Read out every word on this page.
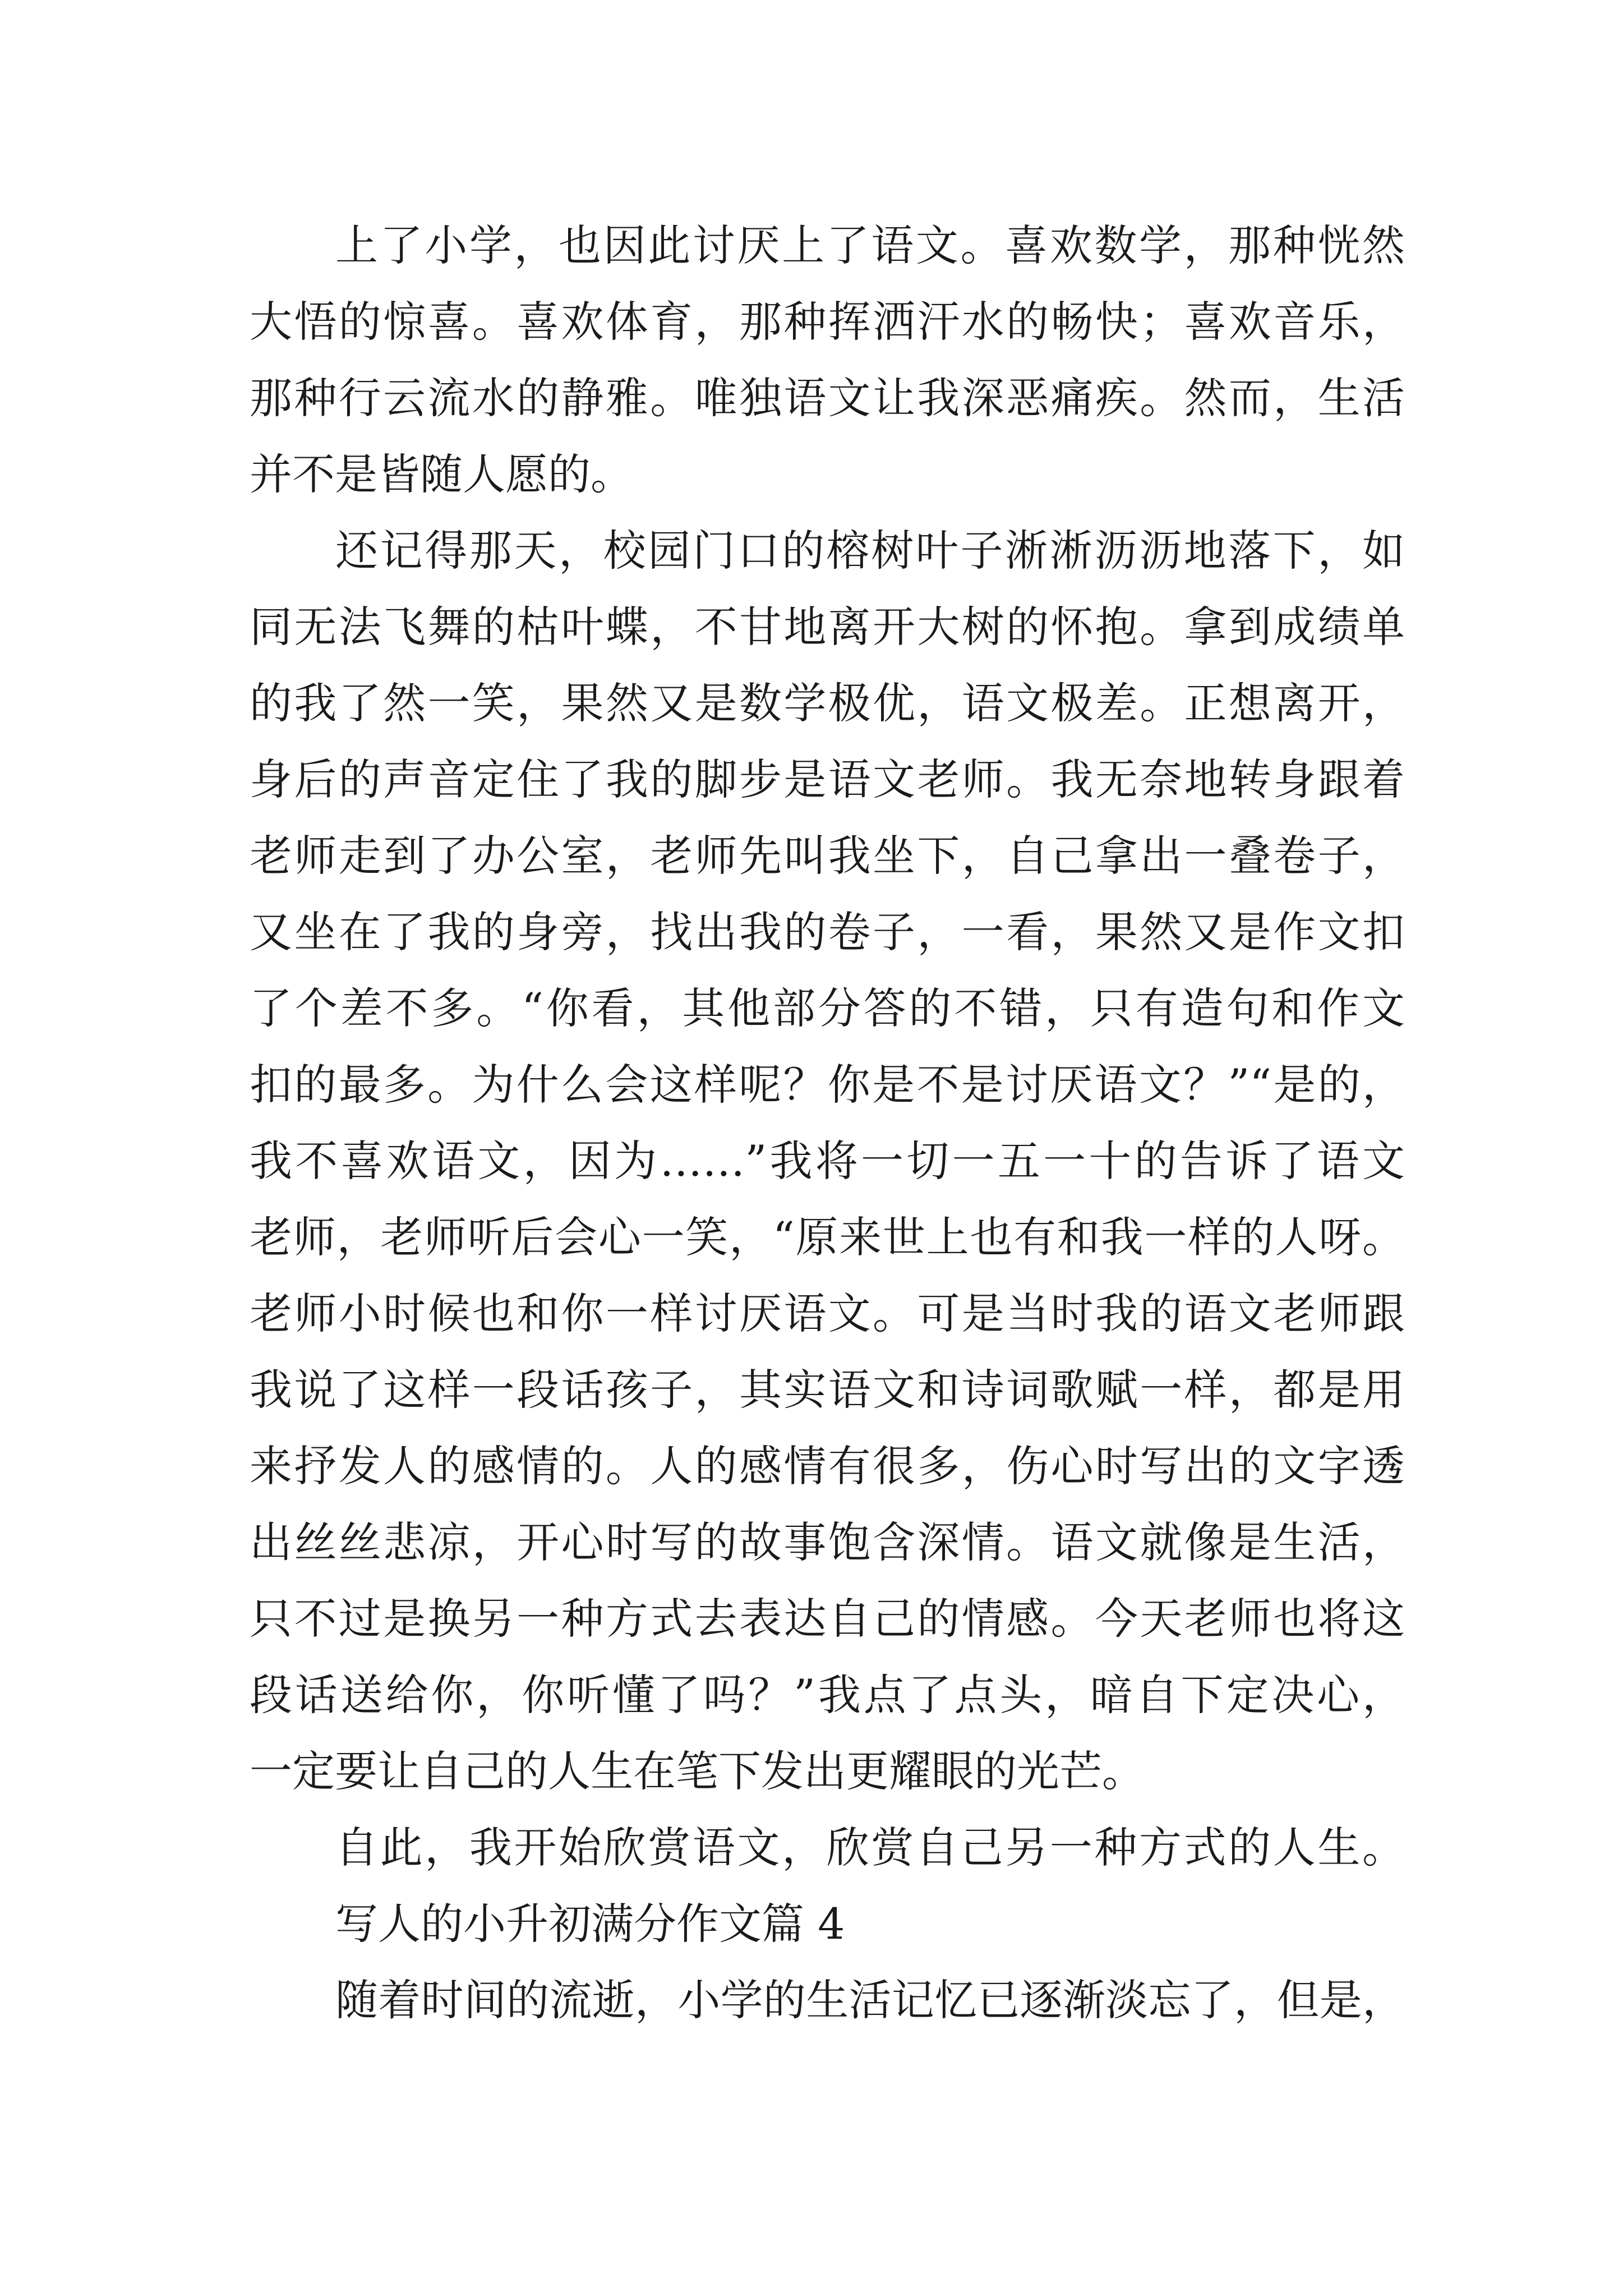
上了小学，也因此讨厌上了语文。喜欢数学，那种恍然
大悟的惊喜。喜欢体育，那种挥洒汗水的畅快；喜欢音乐，
那种行云流水的静雅。唯独语文让我深恶痛疾。然而，生活
并不是皆随人愿的。
还记得那天，校园门口的榕树叶子淅淅沥沥地落下，如
同无法飞舞的枯叶蝶，不甘地离开大树的怀抱。拿到成绩单
的我了然一笑，果然又是数学极优，语文极差。正想离开，
身后的声音定住了我的脚步是语文老师。我无奈地转身跟着
老师走到了办公室，老师先叫我坐下，自己拿出一叠卷子，
又坐在了我的身旁，找出我的卷子，一看，果然又是作文扣
了个差不多。“你看，其他部分答的不错，只有造句和作文
扣的最多。为什么会这样呢？你是不是讨厌语文？”“是的，
我不喜欢语文，因为……”我将一切一五一十的告诉了语文
老师，老师听后会心一笑，“原来世上也有和我一样的人呀。
老师小时候也和你一样讨厌语文。可是当时我的语文老师跟
我说了这样一段话孩子，其实语文和诗词歌赋一样，都是用
来抒发人的感情的。人的感情有很多，伤心时写出的文字透
出丝丝悲凉，开心时写的故事饱含深情。语文就像是生活，
只不过是换另一种方式去表达自己的情感。今天老师也将这
段话送给你，你听懂了吗？”我点了点头，暗自下定决心，
一定要让自己的人生在笔下发出更耀眼的光芒。
自此，我开始欣赏语文，欣赏自己另一种方式的人生。
写人的小升初满分作文篇 4
随着时间的流逝，小学的生活记忆已逐渐淡忘了，但是，
